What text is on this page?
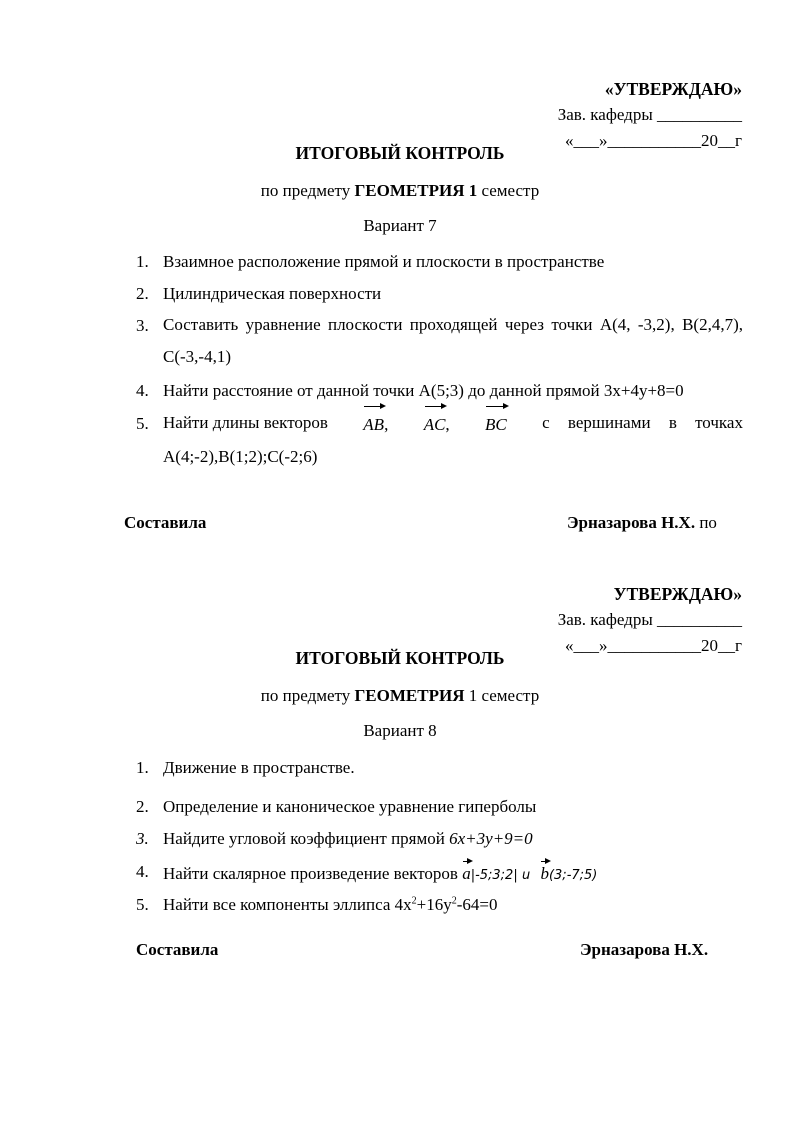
«УТВЕРЖДАЮ»
Зав. кафедры __________
«___»___________20__г
ИТОГОВЫЙ КОНТРОЛЬ
по предмету ГЕОМЕТРИЯ 1 семестр
Вариант 7
1. Взаимное расположение прямой и плоскости в пространстве
2. Цилиндрическая поверхности
3. Составить уравнение плоскости проходящей через точки А(4, -3,2), В(2,4,7), С(-3,-4,1)
4. Найти расстояние от данной точки А(5;3) до данной прямой 3х+4у+8=0
5. Найти длины векторов AB, AC, BC с вершинами в точках
А(4;-2),В(1;2);С(-2;6)
Составила	Эрназарова Н.Х. по
УТВЕРЖДАЮ»
Зав. кафедры __________
«___»___________20__г
ИТОГОВЫЙ КОНТРОЛЬ
по предмету ГЕОМЕТРИЯ 1 семестр
Вариант 8
1. Движение в пространстве.
2. Определение и каноническое уравнение гиперболы
3. Найдите угловой коэффициент прямой 6х+3у+9=0
4. Найти скалярное произведение векторов a|-5;3;2| u b(3;-7;5)
5. Найти все компоненты эллипса $4x^2+16y^2-64=0$
Составила	Эрназарова Н.Х.
